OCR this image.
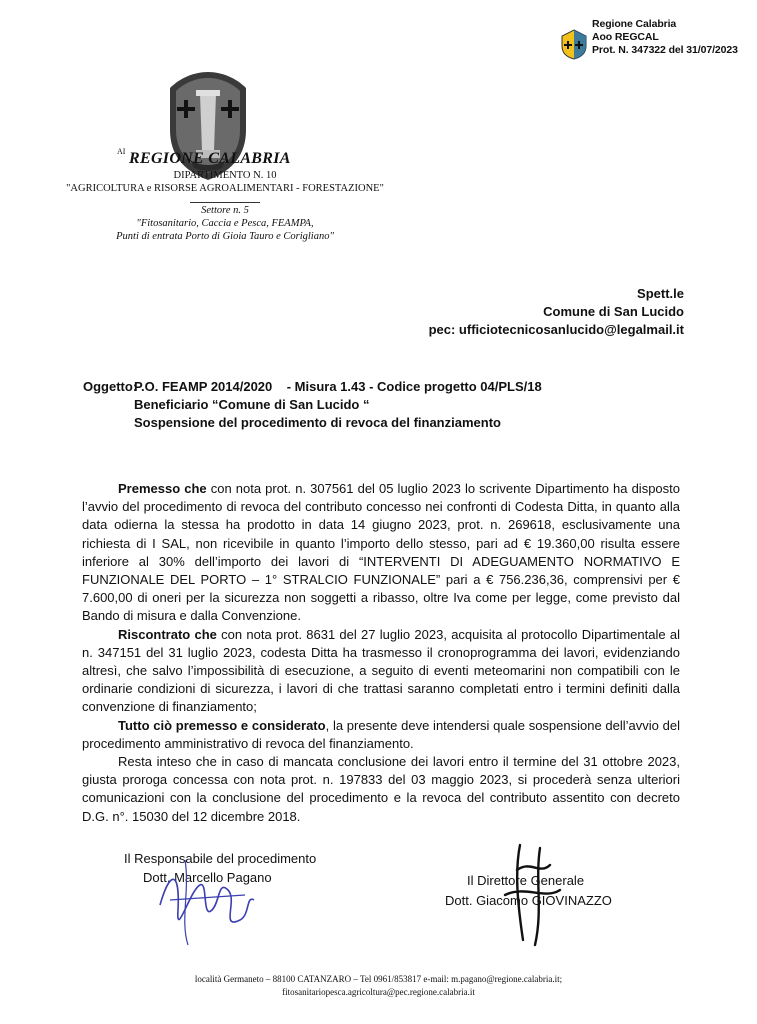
Regione Calabria
Aoo REGCAL
Prot. N. 347322 del 31/07/2023
AI REGIONE CALABRIA
DIPARTIMENTO N. 10
"AGRICOLTURA e RISORSE AGROALIMENTARI - FORESTAZIONE"
Settore n. 5
"Fitosanitario, Caccia e Pesca, FEAMPA,
Punti di entrata Porto di Gioia Tauro e Corigliano"
Spett.le
Comune di San Lucido
pec: ufficiotecnicosanlucido@legalmail.it
Oggetto:
P.O. FEAMP 2014/2020    - Misura 1.43 - Codice progetto 04/PLS/18
Beneficiario “Comune di San Lucido “
Sospensione del procedimento di revoca del finanziamento

Premesso che con nota prot. n. 307561 del 05 luglio 2023 lo scrivente Dipartimento ha disposto l’avvio del procedimento di revoca del contributo concesso nei confronti di Codesta Ditta, in quanto alla data odierna la stessa ha prodotto in data 14 giugno 2023, prot. n. 269618, esclusivamente una richiesta di I SAL, non ricevibile in quanto l’importo dello stesso, pari ad € 19.360,00 risulta essere inferiore al 30% dell’importo dei lavori di “INTERVENTI DI ADEGUAMENTO NORMATIVO E FUNZIONALE DEL PORTO – 1° STRALCIO FUNZIONALE” pari a € 756.236,36, comprensivi per € 7.600,00 di oneri per la sicurezza non soggetti a ribasso, oltre Iva come per legge, come previsto dal Bando di misura e dalla Convenzione.

Riscontrato che con nota prot. 8631 del 27 luglio 2023, acquisita al protocollo Dipartimentale al n. 347151 del 31 luglio 2023, codesta Ditta ha trasmesso il cronoprogramma dei lavori, evidenziando altresì, che salvo l’impossibilità di esecuzione, a seguito di eventi meteomarini non compatibili con le ordinarie condizioni di sicurezza, i lavori di che trattasi saranno completati entro i termini definiti dalla convenzione di finanziamento;

Tutto ciò premesso e considerato, la presente deve intendersi quale sospensione dell’avvio del procedimento amministrativo di revoca del finanziamento.

Resta inteso che in caso di mancata conclusione dei lavori entro il termine del 31 ottobre 2023, giusta proroga concessa con nota prot. n. 197833 del 03 maggio 2023, si procederà senza ulteriori comunicazioni con la conclusione del procedimento e la revoca del contributo assentito con decreto D.G. n°. 15030 del 12 dicembre 2018.

Il Responsabile del procedimento
Dott. Marcello Pagano	Il Direttore Generale
Dott. Giacomo GIOVINAZZO
località Germaneto – 88100 CATANZARO – Tel 0961/853817 e-mail: m.pagano@regione.calabria.it;
fitosanitariopesca.agricoltura@pec.regione.calabria.it
